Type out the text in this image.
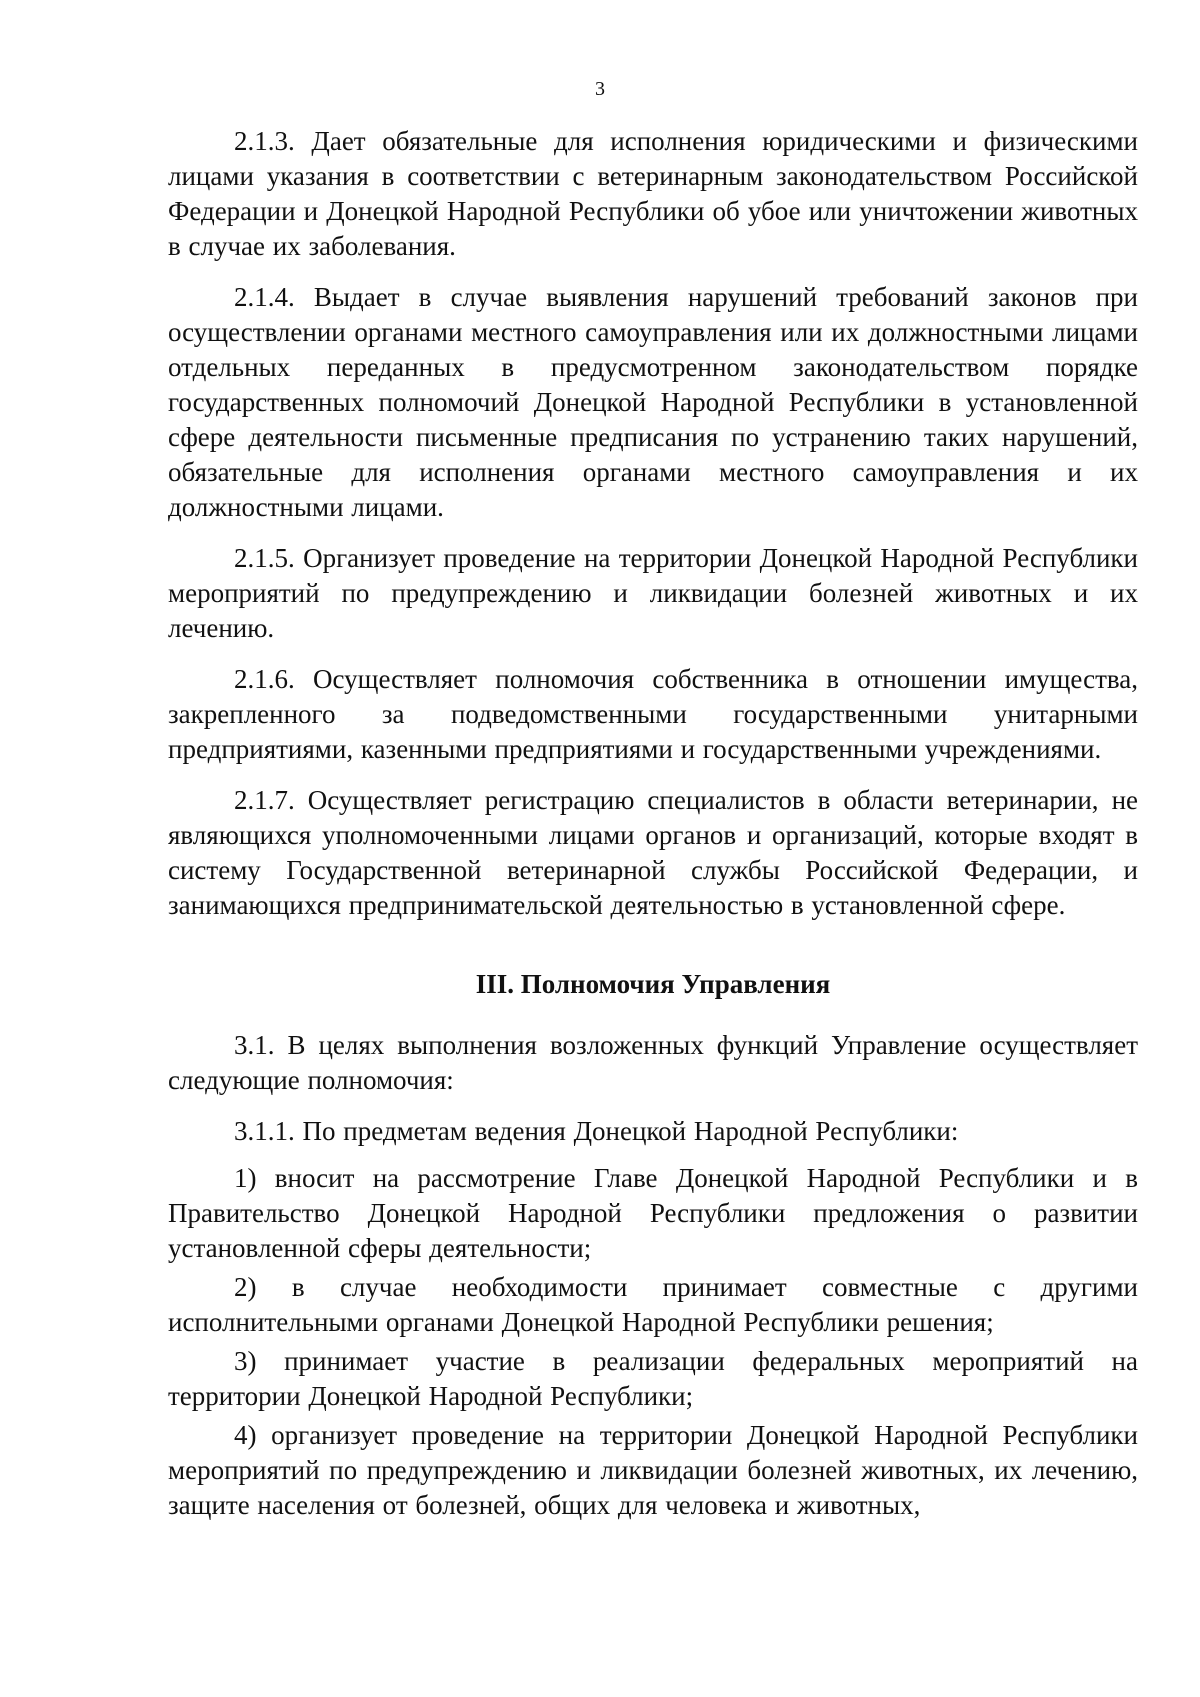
3

2.1.3. Дает обязательные для исполнения юридическими и физическими лицами указания в соответствии с ветеринарным законодательством Российской Федерации и Донецкой Народной Республики об убое или уничтожении животных в случае их заболевания.

2.1.4. Выдает в случае выявления нарушений требований законов при осуществлении органами местного самоуправления или их должностными лицами отдельных переданных в предусмотренном законодательством порядке государственных полномочий Донецкой Народной Республики в установленной сфере деятельности письменные предписания по устранению таких нарушений, обязательные для исполнения органами местного самоуправления и их должностными лицами.

2.1.5. Организует проведение на территории Донецкой Народной Республики мероприятий по предупреждению и ликвидации болезней животных и их лечению.

2.1.6. Осуществляет полномочия собственника в отношении имущества, закрепленного за подведомственными государственными унитарными предприятиями, казенными предприятиями и государственными учреждениями.

2.1.7. Осуществляет регистрацию специалистов в области ветеринарии, не являющихся уполномоченными лицами органов и организаций, которые входят в систему Государственной ветеринарной службы Российской Федерации, и занимающихся предпринимательской деятельностью в установленной сфере.

III. Полномочия Управления

3.1. В целях выполнения возложенных функций Управление осуществляет следующие полномочия:

3.1.1. По предметам ведения Донецкой Народной Республики:

1) вносит на рассмотрение Главе Донецкой Народной Республики и в Правительство Донецкой Народной Республики предложения о развитии установленной сферы деятельности;

2) в случае необходимости принимает совместные с другими исполнительными органами Донецкой Народной Республики решения;

3) принимает участие в реализации федеральных мероприятий на территории Донецкой Народной Республики;

4) организует проведение на территории Донецкой Народной Республики мероприятий по предупреждению и ликвидации болезней животных, их лечению, защите населения от болезней, общих для человека и животных,
